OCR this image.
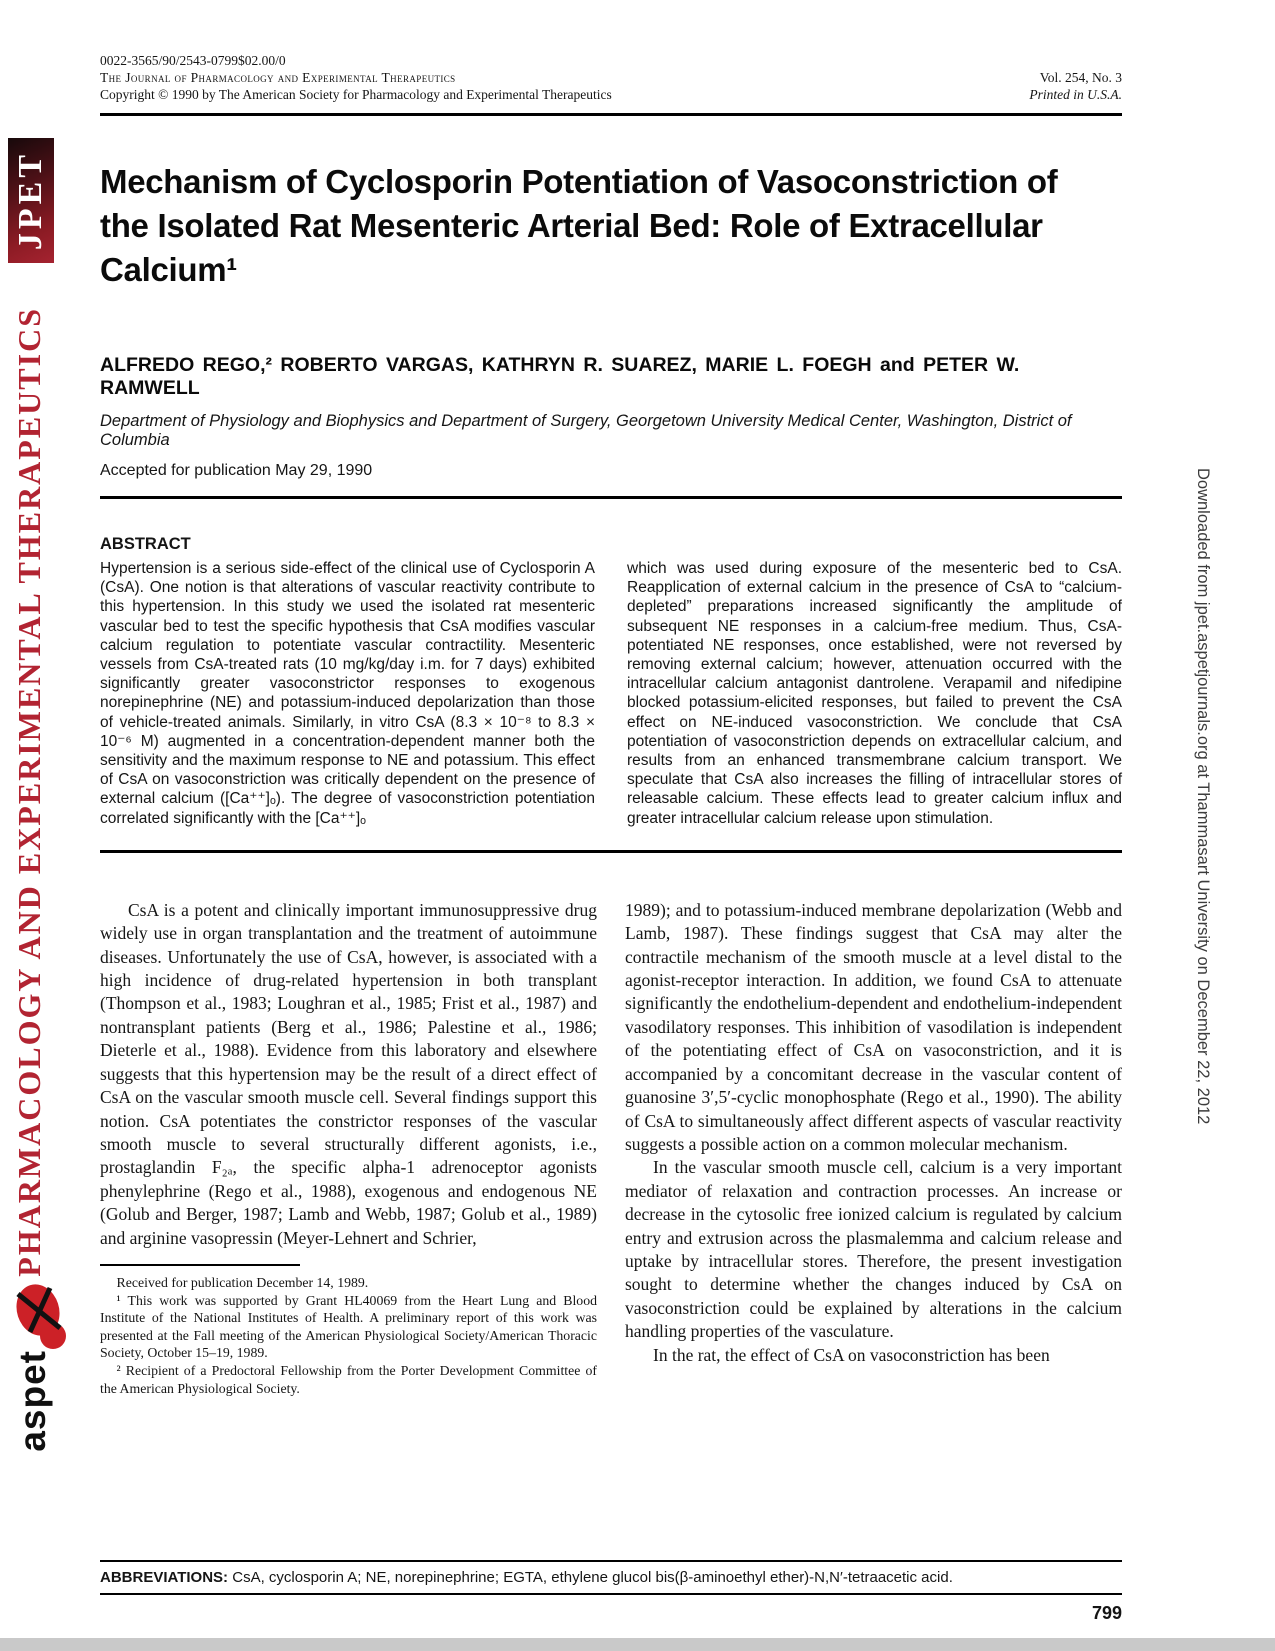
JPET
PHARMACOLOGY AND EXPERIMENTAL THERAPEUTICS
aspet
Downloaded from jpet.aspetjournals.org at Thammasart University on December 22, 2012
0022-3565/90/2543-0799$02.00/0
The Journal of Pharmacology and Experimental Therapeutics	Vol. 254, No. 3
Copyright © 1990 by The American Society for Pharmacology and Experimental Therapeutics	Printed in U.S.A.
Mechanism of Cyclosporin Potentiation of Vasoconstriction of the Isolated Rat Mesenteric Arterial Bed: Role of Extracellular Calcium¹
ALFREDO REGO,² ROBERTO VARGAS, KATHRYN R. SUAREZ, MARIE L. FOEGH and PETER W. RAMWELL
Department of Physiology and Biophysics and Department of Surgery, Georgetown University Medical Center, Washington, District of Columbia
Accepted for publication May 29, 1990
ABSTRACT

Hypertension is a serious side-effect of the clinical use of Cyclosporin A (CsA). One notion is that alterations of vascular reactivity contribute to this hypertension. In this study we used the isolated rat mesenteric vascular bed to test the specific hypothesis that CsA modifies vascular calcium regulation to potentiate vascular contractility. Mesenteric vessels from CsA-treated rats (10 mg/kg/day i.m. for 7 days) exhibited significantly greater vasoconstrictor responses to exogenous norepinephrine (NE) and potassium-induced depolarization than those of vehicle-treated animals. Similarly, in vitro CsA (8.3 × 10⁻⁸ to 8.3 × 10⁻⁶ M) augmented in a concentration-dependent manner both the sensitivity and the maximum response to NE and potassium. This effect of CsA on vasoconstriction was critically dependent on the presence of external calcium ([Ca⁺⁺]ₒ). The degree of vasoconstriction potentiation correlated significantly with the [Ca⁺⁺]ₒ

which was used during exposure of the mesenteric bed to CsA. Reapplication of external calcium in the presence of CsA to “calcium-depleted” preparations increased significantly the amplitude of subsequent NE responses in a calcium-free medium. Thus, CsA-potentiated NE responses, once established, were not reversed by removing external calcium; however, attenuation occurred with the intracellular calcium antagonist dantrolene. Verapamil and nifedipine blocked potassium-elicited responses, but failed to prevent the CsA effect on NE-induced vasoconstriction. We conclude that CsA potentiation of vasoconstriction depends on extracellular calcium, and results from an enhanced transmembrane calcium transport. We speculate that CsA also increases the filling of intracellular stores of releasable calcium. These effects lead to greater calcium influx and greater intracellular calcium release upon stimulation.

CsA is a potent and clinically important immunosuppressive drug widely use in organ transplantation and the treatment of autoimmune diseases. Unfortunately the use of CsA, however, is associated with a high incidence of drug-related hypertension in both transplant (Thompson et al., 1983; Loughran et al., 1985; Frist et al., 1987) and nontransplant patients (Berg et al., 1986; Palestine et al., 1986; Dieterle et al., 1988). Evidence from this laboratory and elsewhere suggests that this hypertension may be the result of a direct effect of CsA on the vascular smooth muscle cell. Several findings support this notion. CsA potentiates the constrictor responses of the vascular smooth muscle to several structurally different agonists, i.e., prostaglandin F₂ₐ, the specific alpha-1 adrenoceptor agonists phenylephrine (Rego et al., 1988), exogenous and endogenous NE (Golub and Berger, 1987; Lamb and Webb, 1987; Golub et al., 1989) and arginine vasopressin (Meyer-Lehnert and Schrier,

Received for publication December 14, 1989.

¹ This work was supported by Grant HL40069 from the Heart Lung and Blood Institute of the National Institutes of Health. A preliminary report of this work was presented at the Fall meeting of the American Physiological Society/American Thoracic Society, October 15–19, 1989.

² Recipient of a Predoctoral Fellowship from the Porter Development Committee of the American Physiological Society.

1989); and to potassium-induced membrane depolarization (Webb and Lamb, 1987). These findings suggest that CsA may alter the contractile mechanism of the smooth muscle at a level distal to the agonist-receptor interaction. In addition, we found CsA to attenuate significantly the endothelium-dependent and endothelium-independent vasodilatory responses. This inhibition of vasodilation is independent of the potentiating effect of CsA on vasoconstriction, and it is accompanied by a concomitant decrease in the vascular content of guanosine 3′,5′-cyclic monophosphate (Rego et al., 1990). The ability of CsA to simultaneously affect different aspects of vascular reactivity suggests a possible action on a common molecular mechanism.

In the vascular smooth muscle cell, calcium is a very important mediator of relaxation and contraction processes. An increase or decrease in the cytosolic free ionized calcium is regulated by calcium entry and extrusion across the plasmalemma and calcium release and uptake by intracellular stores. Therefore, the present investigation sought to determine whether the changes induced by CsA on vasoconstriction could be explained by alterations in the calcium handling properties of the vasculature.

In the rat, the effect of CsA on vasoconstriction has been

ABBREVIATIONS: CsA, cyclosporin A; NE, norepinephrine; EGTA, ethylene glucol bis(β-aminoethyl ether)-N,N′-tetraacetic acid.

799
